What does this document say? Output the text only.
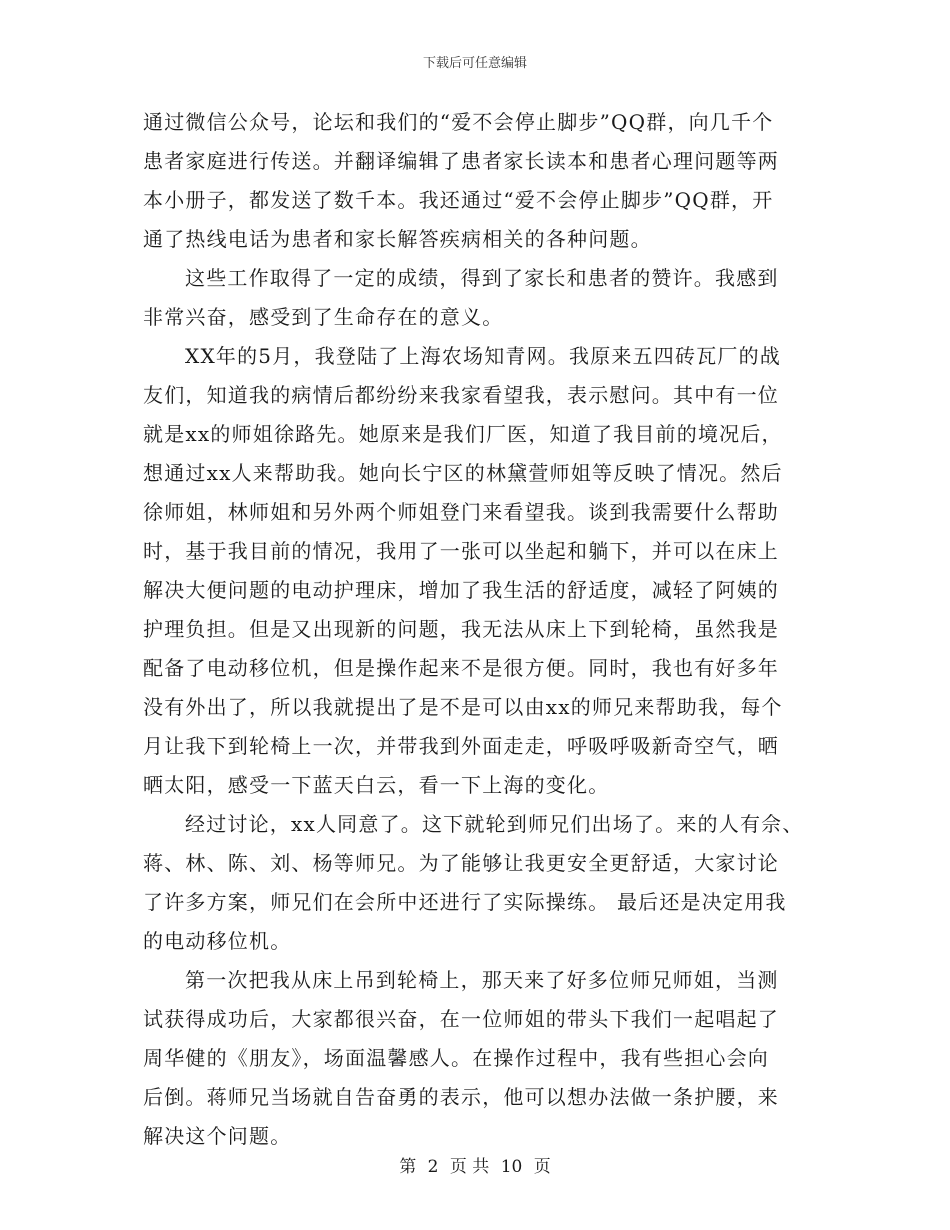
下载后可任意编辑
通过微信公众号，论坛和我们的“爱不会停止脚步”QQ群，向几千个
患者家庭进行传送。并翻译编辑了患者家长读本和患者心理问题等两
本小册子，都发送了数千本。我还通过“爱不会停止脚步”QQ群，开
通了热线电话为患者和家长解答疾病相关的各种问题。
这些工作取得了一定的成绩，得到了家长和患者的赞许。我感到
非常兴奋，感受到了生命存在的意义。
XX年的5月，我登陆了上海农场知青网。我原来五四砖瓦厂的战
友们，知道我的病情后都纷纷来我家看望我，表示慰问。其中有一位
就是xx的师姐徐路先。她原来是我们厂医，知道了我目前的境况后，
想通过xx人来帮助我。她向长宁区的林黛萱师姐等反映了情况。然后
徐师姐，林师姐和另外两个师姐登门来看望我。谈到我需要什么帮助
时，基于我目前的情况，我用了一张可以坐起和躺下，并可以在床上
解决大便问题的电动护理床，增加了我生活的舒适度，减轻了阿姨的
护理负担。但是又出现新的问题，我无法从床上下到轮椅，虽然我是
配备了电动移位机，但是操作起来不是很方便。同时，我也有好多年
没有外出了，所以我就提出了是不是可以由xx的师兄来帮助我，每个
月让我下到轮椅上一次，并带我到外面走走，呼吸呼吸新奇空气，晒
晒太阳，感受一下蓝天白云，看一下上海的变化。
经过讨论，xx人同意了。这下就轮到师兄们出场了。来的人有佘、
蒋、林、陈、刘、杨等师兄。为了能够让我更安全更舒适，大家讨论
了许多方案，师兄们在会所中还进行了实际操练。 最后还是决定用我
的电动移位机。
第一次把我从床上吊到轮椅上，那天来了好多位师兄师姐，当测
试获得成功后，大家都很兴奋，在一位师姐的带头下我们一起唱起了
周华健的《朋友》，场面温馨感人。在操作过程中，我有些担心会向
后倒。蒋师兄当场就自告奋勇的表示，他可以想办法做一条护腰，来
解决这个问题。
第 2 页 共 10 页
